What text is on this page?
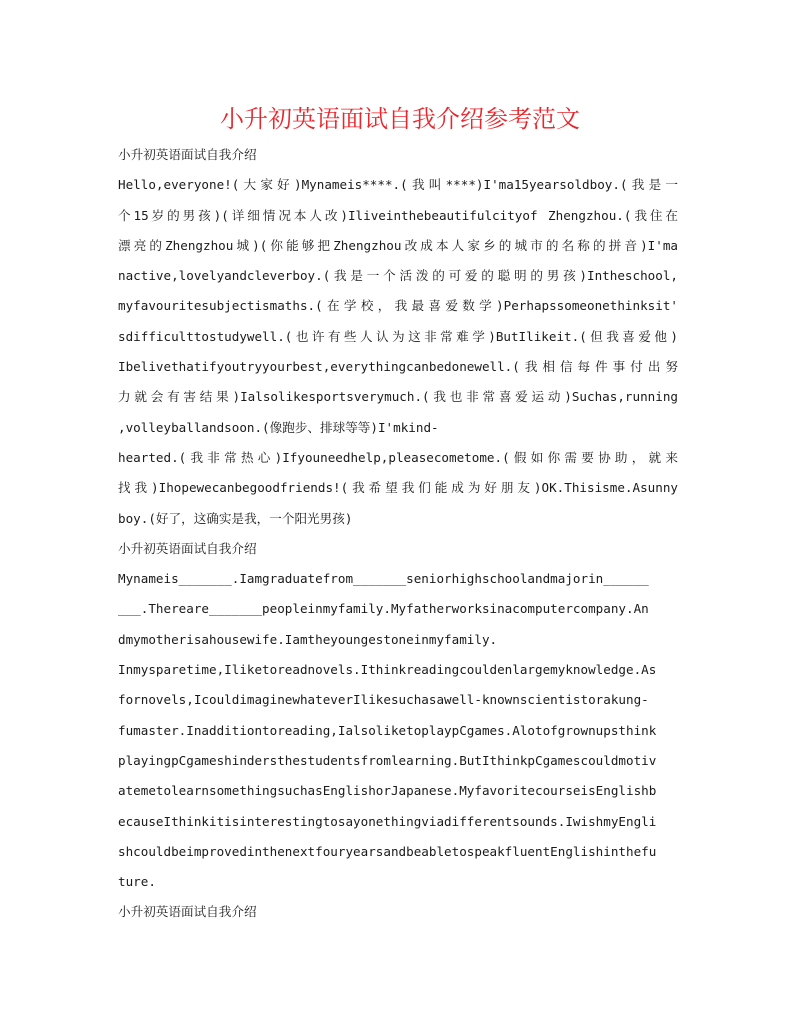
小升初英语面试自我介绍参考范文
小升初英语面试自我介绍
Hello,everyone!(大家好)Mynameis****.(我叫****)I'ma15yearsoldboy.(我是一
个15岁的男孩)(详细情况本人改)Iliveinthebeautifulcityof Zhengzhou.(我住在
漂亮的Zhengzhou城)(你能够把Zhengzhou改成本人家乡的城市的名称的拼音)I'ma
nactive,lovelyandcleverboy.(我是一个活泼的可爱的聪明的男孩)Intheschool,
myfavouritesubjectismaths.(在学校，我最喜爱数学)Perhapssomeonethinksit'
sdifficulttostudywell.(也许有些人认为这非常难学)ButIlikeit.(但我喜爱他)
Ibelivethatifyoutryyourbest,everythingcanbedonewell.(我相信每件事付出努
力就会有害结果)Ialsolikesportsverymuch.(我也非常喜爱运动)Suchas,running
,volleyballandsoon.(像跑步、排球等等)I'mkind-
hearted.(我非常热心)Ifyouneedhelp,pleasecometome.(假如你需要协助，就来
找我)Ihopewecanbegoodfriends!(我希望我们能成为好朋友)OK.Thisisme.Asunny
boy.(好了，这确实是我，一个阳光男孩)
小升初英语面试自我介绍
Mynameis_______.Iamgraduatefrom_______seniorhighschoolandmajorin______
___.Thereare_______peopleinmyfamily.Myfatherworksinacomputercompany.An
dmymotherisahousewife.Iamtheyoungestoneinmyfamily.
Inmysparetime,Iliketoreadnovels.Ithinkreadingcouldenlargemyknowledge.As
fornovels,IcouldimaginewhateverIlikesuchasawell-knownscientistorakung-
fumaster.Inadditiontoreading,IalsoliketoplaypCgames.Alotofgrownupsthink
playingpCgameshindersthestudentsfromlearning.ButIthinkpCgamescouldmotiv
atemetolearnsomethingsuchasEnglishorJapanese.MyfavoritecourseisEnglishb
ecauseIthinkitisinterestingtosayonethingviadifferentsounds.IwishmyEngli
shcouldbeimprovedinthenextfouryearsandbeabletospeakfluentEnglishinthefu
ture.
小升初英语面试自我介绍
